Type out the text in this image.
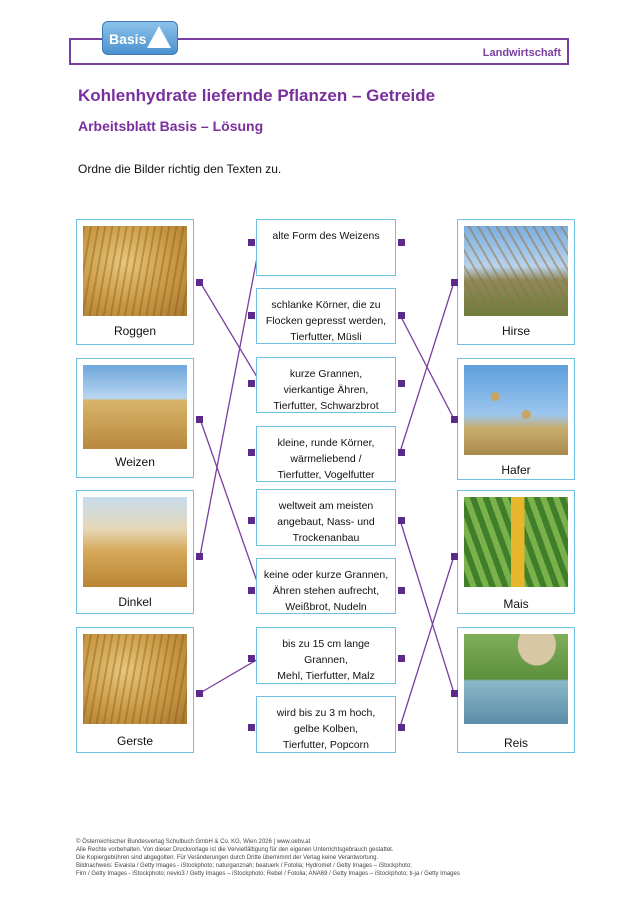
Landwirtschaft
Basis
Kohlenhydrate liefernde Pflanzen – Getreide
Arbeitsblatt Basis – Lösung
Ordne die Bilder richtig den Texten zu.
Roggen
Weizen
Dinkel
Gerste
Hirse
Hafer
Mais
Reis
alte Form des Weizens
schlanke Körner, die zu
Flocken gepresst werden,
Tierfutter, Müsli
kurze Grannen,
vierkantige Ähren,
Tierfutter, Schwarzbrot
kleine, runde Körner,
wärmeliebend /
Tierfutter, Vogelfutter
weltweit am meisten
angebaut, Nass- und
Trockenanbau
keine oder kurze Grannen,
Ähren stehen aufrecht,
Weißbrot, Nudeln
bis zu 15 cm lange
Grannen,
Mehl, Tierfutter, Malz
wird bis zu 3 m hoch,
gelbe Kolben,
Tierfutter, Popcorn
© Österreichischer Bundesverlag Schulbuch GmbH & Co. KG, Wien 2026 | www.oebv.at
Alle Rechte vorbehalten. Von dieser Druckvorlage ist die Vervielfältigung für den eigenen Unterrichtsgebrauch gestattet.
Die Kopiergebühren sind abgegolten. Für Veränderungen durch Dritte übernimmt der Verlag keine Verantwortung.
Bildnachweis: Eivaisla / Getty Images - iStockphoto; naturganznah; beatuerk / Fotolia; Hydromet / Getty Images – iStockphoto;
Firn / Getty Images - iStockphoto; nevio3 / Getty Images – iStockphoto; Rebel / Fotolia; ANA69 / Getty Images – iStockphoto; ti-ja / Getty Images
